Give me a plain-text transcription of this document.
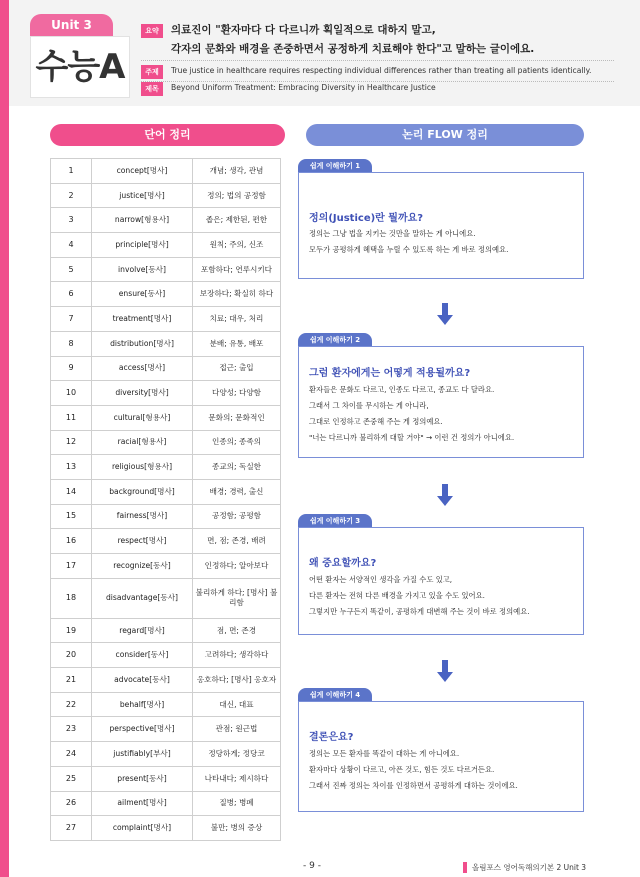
Unit 3
수능A
요약	의료진이 "환자마다 다 다르니까 획일적으로 대하지 말고,
각자의 문화와 배경을 존중하면서 공정하게 치료해야 한다"고 말하는 글이에요.
주제	True justice in healthcare requires respecting individual differences rather than treating all patients identically.
제목	Beyond Uniform Treatment: Embracing Diversity in Healthcare Justice
단어 정리	논리 FLOW 정리
1	concept[명사]	개념; 생각, 관념
2	justice[명사]	정의; 법의 공정함
3	narrow[형용사]	좁은; 제한된, 편한
4	principle[명사]	원칙; 주의, 신조
5	involve[동사]	포함하다; 연루시키다
6	ensure[동사]	보장하다; 확실히 하다
7	treatment[명사]	치료; 대우, 처리
8	distribution[명사]	분배; 유통, 배포
9	access[명사]	접근; 출입
10	diversity[명사]	다양성; 다양함
11	cultural[형용사]	문화의; 문화적인
12	racial[형용사]	인종의; 종족의
13	religious[형용사]	종교의; 독실한
14	background[명사]	배경; 경력, 출신
15	fairness[명사]	공정함; 공평함
16	respect[명사]	면, 점; 존경, 배려
17	recognize[동사]	인정하다; 알아보다
18	disadvantage[동사]	불리하게 하다; [명사] 불리함
19	regard[명사]	점, 면; 존경
20	consider[동사]	고려하다; 생각하다
21	advocate[동사]	옹호하다; [명사] 옹호자
22	behalf[명사]	대신, 대표
23	perspective[명사]	관점; 원근법
24	justifiably[부사]	정당하게; 정당코
25	present[동사]	나타내다; 제시하다
26	ailment[명사]	질병; 병폐
27	complaint[명사]	불만; 병의 증상
쉽게 이해하기 1
정의(Justice)란 뭘까요?
정의는 그냥 법을 지키는 것만을 말하는 게 아니에요.
모두가 공평하게 혜택을 누릴 수 있도록 하는 게 바로 정의예요.
쉽게 이해하기 2
그럼 환자에게는 어떻게 적용될까요?
환자들은 문화도 다르고, 인종도 다르고, 종교도 다 달라요.
그래서 그 차이를 무시하는 게 아니라,
그대로 인정하고 존중해 주는 게 정의예요.
"너는 다르니까 불리하게 대할 거야" → 이런 건 정의가 아니에요.
쉽게 이해하기 3
왜 중요할까요?
어떤 환자는 서양적인 생각을 가질 수도 있고,
다른 환자는 전혀 다른 배경을 가지고 있을 수도 있어요.
그렇지만 누구든지 똑같이, 공평하게 대변해 주는 것이 바로 정의예요.
쉽게 이해하기 4
결론은요?
정의는 모든 환자를 똑같이 대하는 게 아니에요.
환자마다 상황이 다르고, 아픈 것도, 힘든 것도 다르거든요.
그래서 진짜 정의는 차이를 인정하면서 공평하게 대하는 것이에요.
- 9 -	올림포스 영어독해의기본 2 Unit 3
